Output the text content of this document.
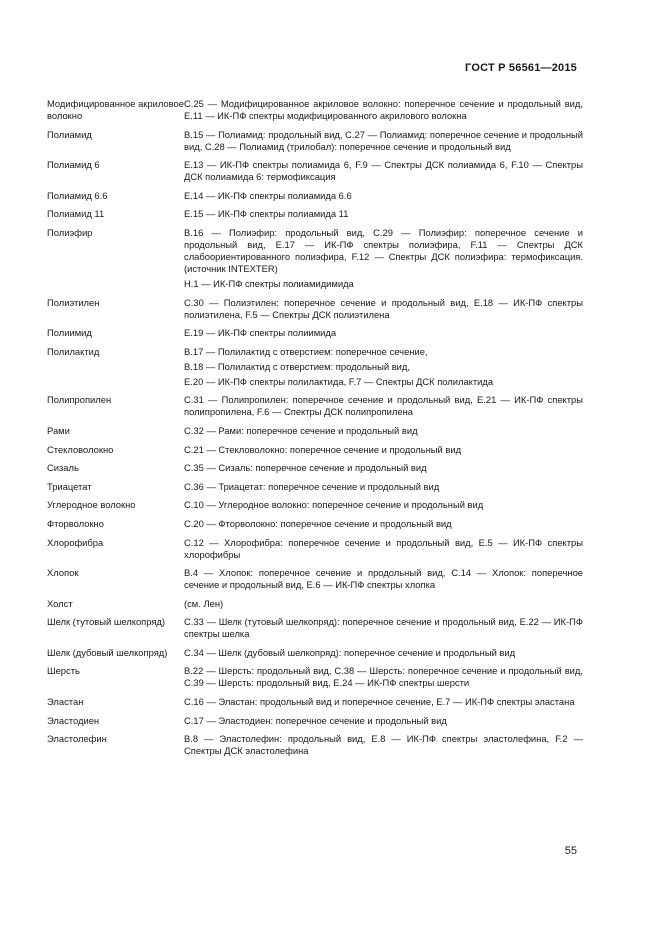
ГОСТ Р 56561—2015
Модифицированное акриловое волокно	С.25 — Модифицированное акриловое волокно: поперечное сечение и продольный вид, E.11 — ИК-ПФ спектры модифицированного акрилового волокна

Полиамид	В.15 — Полиамид: продольный вид, С.27 — Полиамид: поперечное сечение и продольный вид, С.28 — Полиамид (трилобал): поперечное сечение и продольный вид

Полиамид 6	Е.13 — ИК-ПФ спектры полиамида 6, F.9 — Спектры ДСК полиамида 6, F.10 — Спектры ДСК полиамида 6: термофиксация

Полиамид 6.6	Е.14 — ИК-ПФ спектры полиамида 6.6

Полиамид 11	Е.15 — ИК-ПФ спектры полиамида 11

Полиэфир	В.16 — Полиэфир: продольный вид, С.29 — Полиэфир: поперечное сечение и продольный вид, Е.17 — ИК-ПФ спектры полиэфира, F.11 — Спектры ДСК слабоориентированного полиэфира, F.12 — Спектры ДСК полиэфира: термофиксация. (источник INTEXTER)

Н.1 — ИК-ПФ спектры полиамидимида

Полиэтилен	С.30 — Полиэтилен: поперечное сечение и продольный вид, Е.18 — ИК-ПФ спектры полиэтилена, F.5 — Спектры ДСК полиэтилена

Полиимид	Е.19 — ИК-ПФ спектры полиимида

Полилактид	В.17 — Полилактид с отверстием: поперечное сечение,

В.18 — Полилактид с отверстием: продольный вид,

Е.20 — ИК-ПФ спектры полилактида, F.7 — Спектры ДСК полилактида

Полипропилен	С.31 — Полипропилен: поперечное сечение и продольный вид, Е.21 — ИК-ПФ спектры полипропилена, F.6 — Спектры ДСК полипропилена

Рами	С.32 — Рами: поперечное сечение и продольный вид

Стекловолокно	С.21 — Стекловолокно: поперечное сечение и продольный вид

Сизаль	С.35 — Сизаль: поперечное сечение и продольный вид

Триацетат	С.36 — Триацетат: поперечное сечение и продольный вид

Углеродное волокно	С.10 — Углеродное волокно: поперечное сечение и продольный вид

Фторволокно	С.20 — Фторволокно: поперечное сечение и продольный вид

Хлорофибра	С.12 — Хлорофибра: поперечное сечение и продольный вид, Е.5 — ИК-ПФ спектры хлорофибры

Хлопок	В.4 — Хлопок: поперечное сечение и продольный вид, С.14 — Хлопок: поперечное сечение и продольный вид, Е.6 — ИК-ПФ спектры хлопка

Холст	(см. Лен)

Шелк (тутовый шелкопряд)	С.33 — Шелк (тутовый шелкопряд): поперечное сечение и продольный вид, Е.22 — ИК-ПФ спектры шелка

Шелк (дубовый шелкопряд)	С.34 — Шелк (дубовый шелкопряд): поперечное сечение и продольный вид

Шерсть	В.22 — Шерсть: продольный вид, С.38 — Шерсть: поперечное сечение и продольный вид, С.39 — Шерсть: продольный вид, Е.24 — ИК-ПФ спектры шерсти

Эластан	С.16 — Эластан: продольный вид и поперечное сечение, Е.7 — ИК-ПФ спектры эластана

Эластодиен	С.17 — Эластодиен: поперечное сечение и продольный вид

Эластолефин	В.8 — Эластолефин: продольный вид, Е.8 — ИК-ПФ спектры эластолефина, F.2 — Спектры ДСК эластолефина

55
